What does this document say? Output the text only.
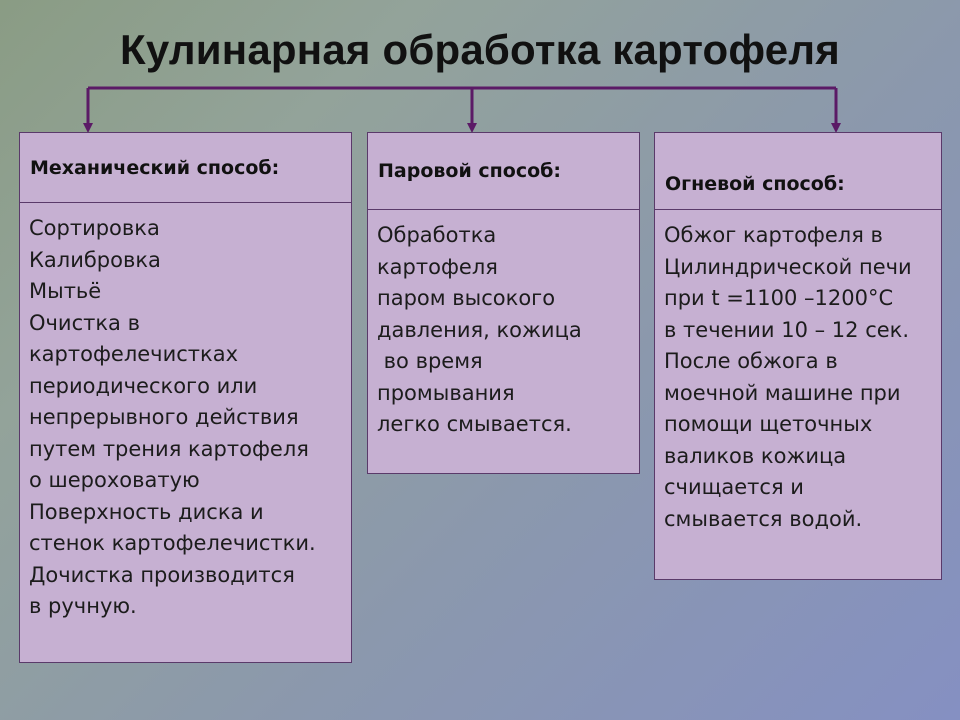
Кулинарная обработка картофеля
Механический способ:
Сортировка
Калибровка
Мытьё
Очистка в
картофелечистках
периодического или
непрерывного действия
путем трения картофеля
о шероховатую
Поверхность диска и
стенок картофелечистки.
Дочистка производится
в ручную.
Паровой способ:
Обработка
картофеля
паром высокого
давления, кожица
во время
промывания
легко смывается.
Огневой способ:
Обжог картофеля в
Цилиндрической печи
при t =1100 –1200°С
в течении 10 – 12 сек.
После обжога в
моечной машине при
помощи щеточных
валиков кожица
счищается и
смывается водой.
